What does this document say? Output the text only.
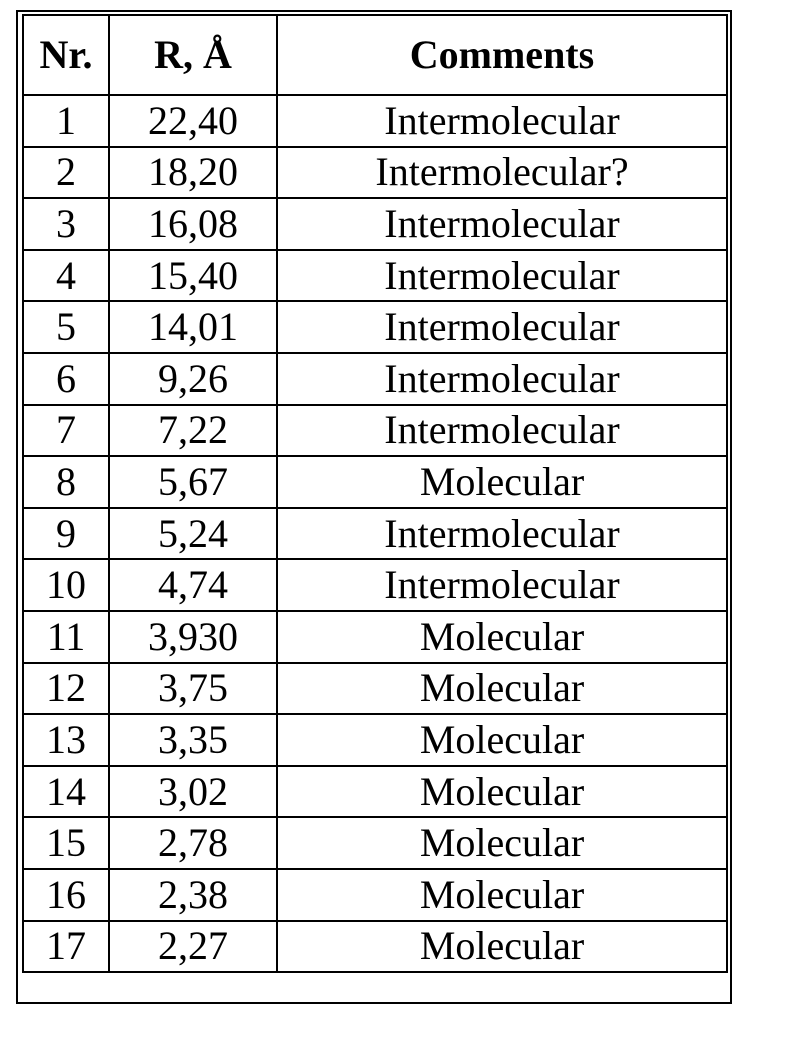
Nr.	R, Å	Comments
1	22,40	Intermolecular
2	18,20	Intermolecular?
3	16,08	Intermolecular
4	15,40	Intermolecular
5	14,01	Intermolecular
6	9,26	Intermolecular
7	7,22	Intermolecular
8	5,67	Molecular
9	5,24	Intermolecular
10	4,74	Intermolecular
11	3,930	Molecular
12	3,75	Molecular
13	3,35	Molecular
14	3,02	Molecular
15	2,78	Molecular
16	2,38	Molecular
17	2,27	Molecular
